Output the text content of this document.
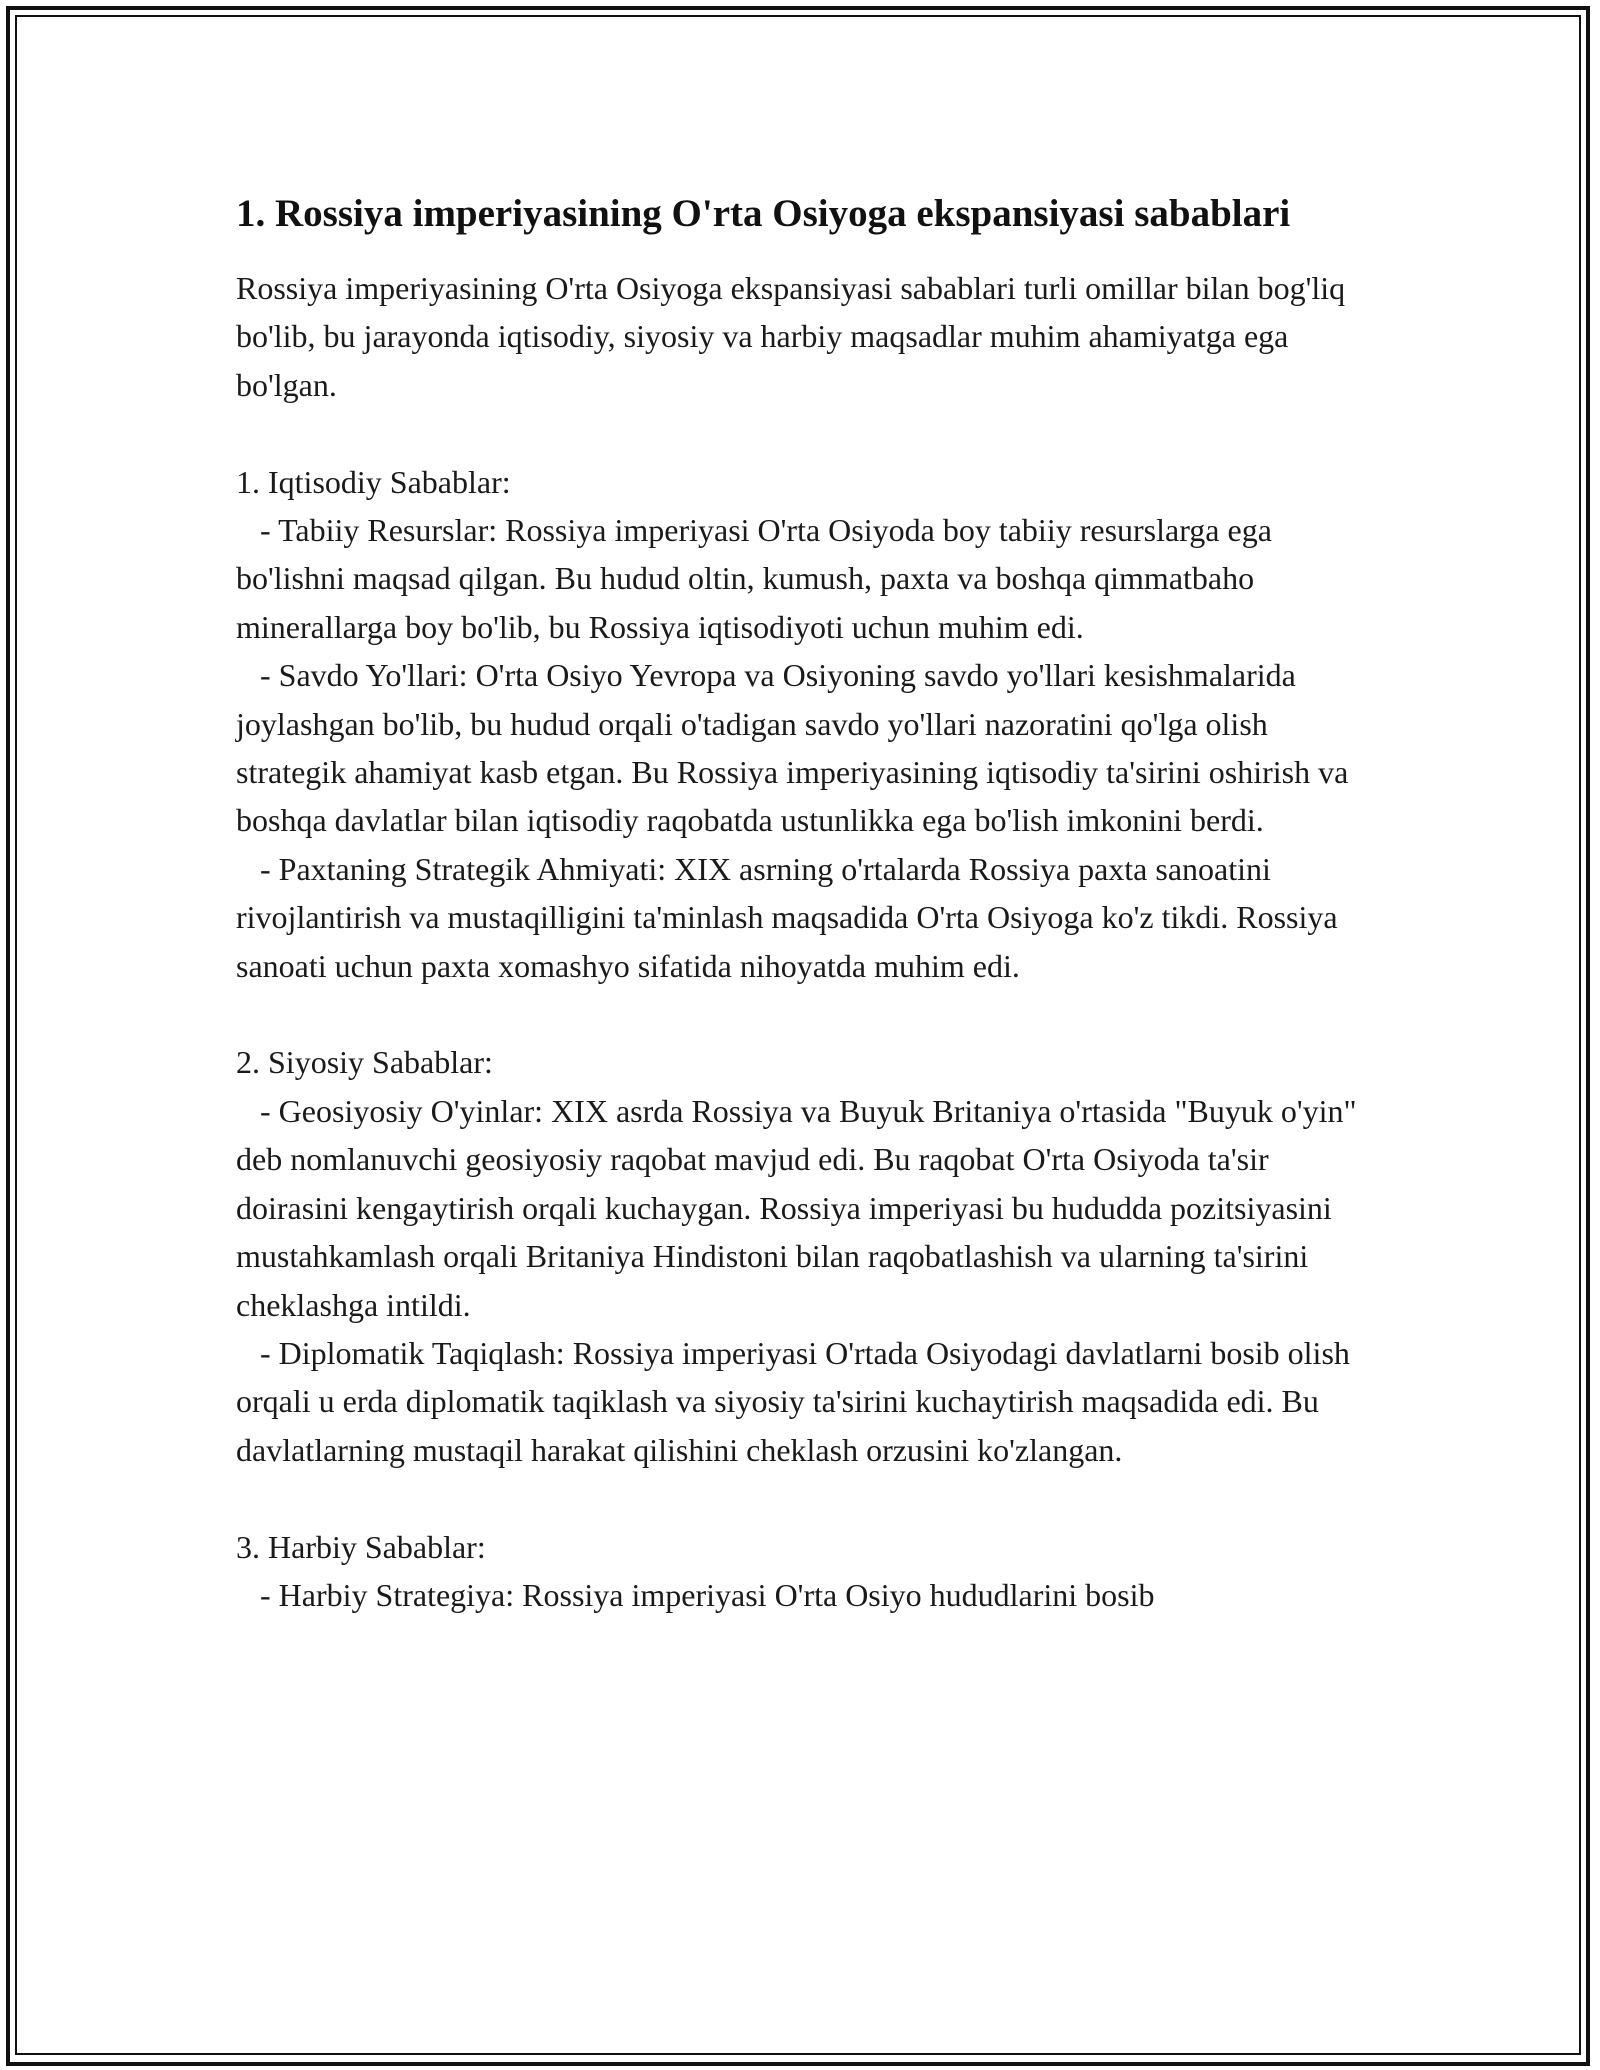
1. Rossiya imperiyasining O'rta Osiyoga ekspansiyasi sabablari

Rossiya imperiyasining O'rta Osiyoga ekspansiyasi sabablari turli omillar bilan bog'liq bo'lib, bu jarayonda iqtisodiy, siyosiy va harbiy maqsadlar muhim ahamiyatga ega bo'lgan.

1. Iqtisodiy Sabablar:

- Tabiiy Resurslar: Rossiya imperiyasi O'rta Osiyoda boy tabiiy resurslarga ega bo'lishni maqsad qilgan. Bu hudud oltin, kumush, paxta va boshqa qimmatbaho minerallarga boy bo'lib, bu Rossiya iqtisodiyoti uchun muhim edi.

- Savdo Yo'llari: O'rta Osiyo Yevropa va Osiyoning savdo yo'llari kesishmalarida joylashgan bo'lib, bu hudud orqali o'tadigan savdo yo'llari nazoratini qo'lga olish strategik ahamiyat kasb etgan. Bu Rossiya imperiyasining iqtisodiy ta'sirini oshirish va boshqa davlatlar bilan iqtisodiy raqobatda ustunlikka ega bo'lish imkonini berdi.

- Paxtaning Strategik Ahmiyati: XIX asrning o'rtalarda Rossiya paxta sanoatini rivojlantirish va mustaqilligini ta'minlash maqsadida O'rta Osiyoga ko'z tikdi. Rossiya sanoati uchun paxta xomashyo sifatida nihoyatda muhim edi.

2. Siyosiy Sabablar:

- Geosiyosiy O'yinlar: XIX asrda Rossiya va Buyuk Britaniya o'rtasida "Buyuk o'yin" deb nomlanuvchi geosiyosiy raqobat mavjud edi. Bu raqobat O'rta Osiyoda ta'sir doirasini kengaytirish orqali kuchaygan. Rossiya imperiyasi bu hududda pozitsiyasini mustahkamlash orqali Britaniya Hindistoni bilan raqobatlashish va ularning ta'sirini cheklashga intildi.

- Diplomatik Taqiqlash: Rossiya imperiyasi O'rtada Osiyodagi davlatlarni bosib olish orqali u erda diplomatik taqiklash va siyosiy ta'sirini kuchaytirish maqsadida edi. Bu davlatlarning mustaqil harakat qilishini cheklash orzusini ko'zlangan.

3. Harbiy Sabablar:

- Harbiy Strategiya: Rossiya imperiyasi O'rta Osiyo hududlarini bosib
